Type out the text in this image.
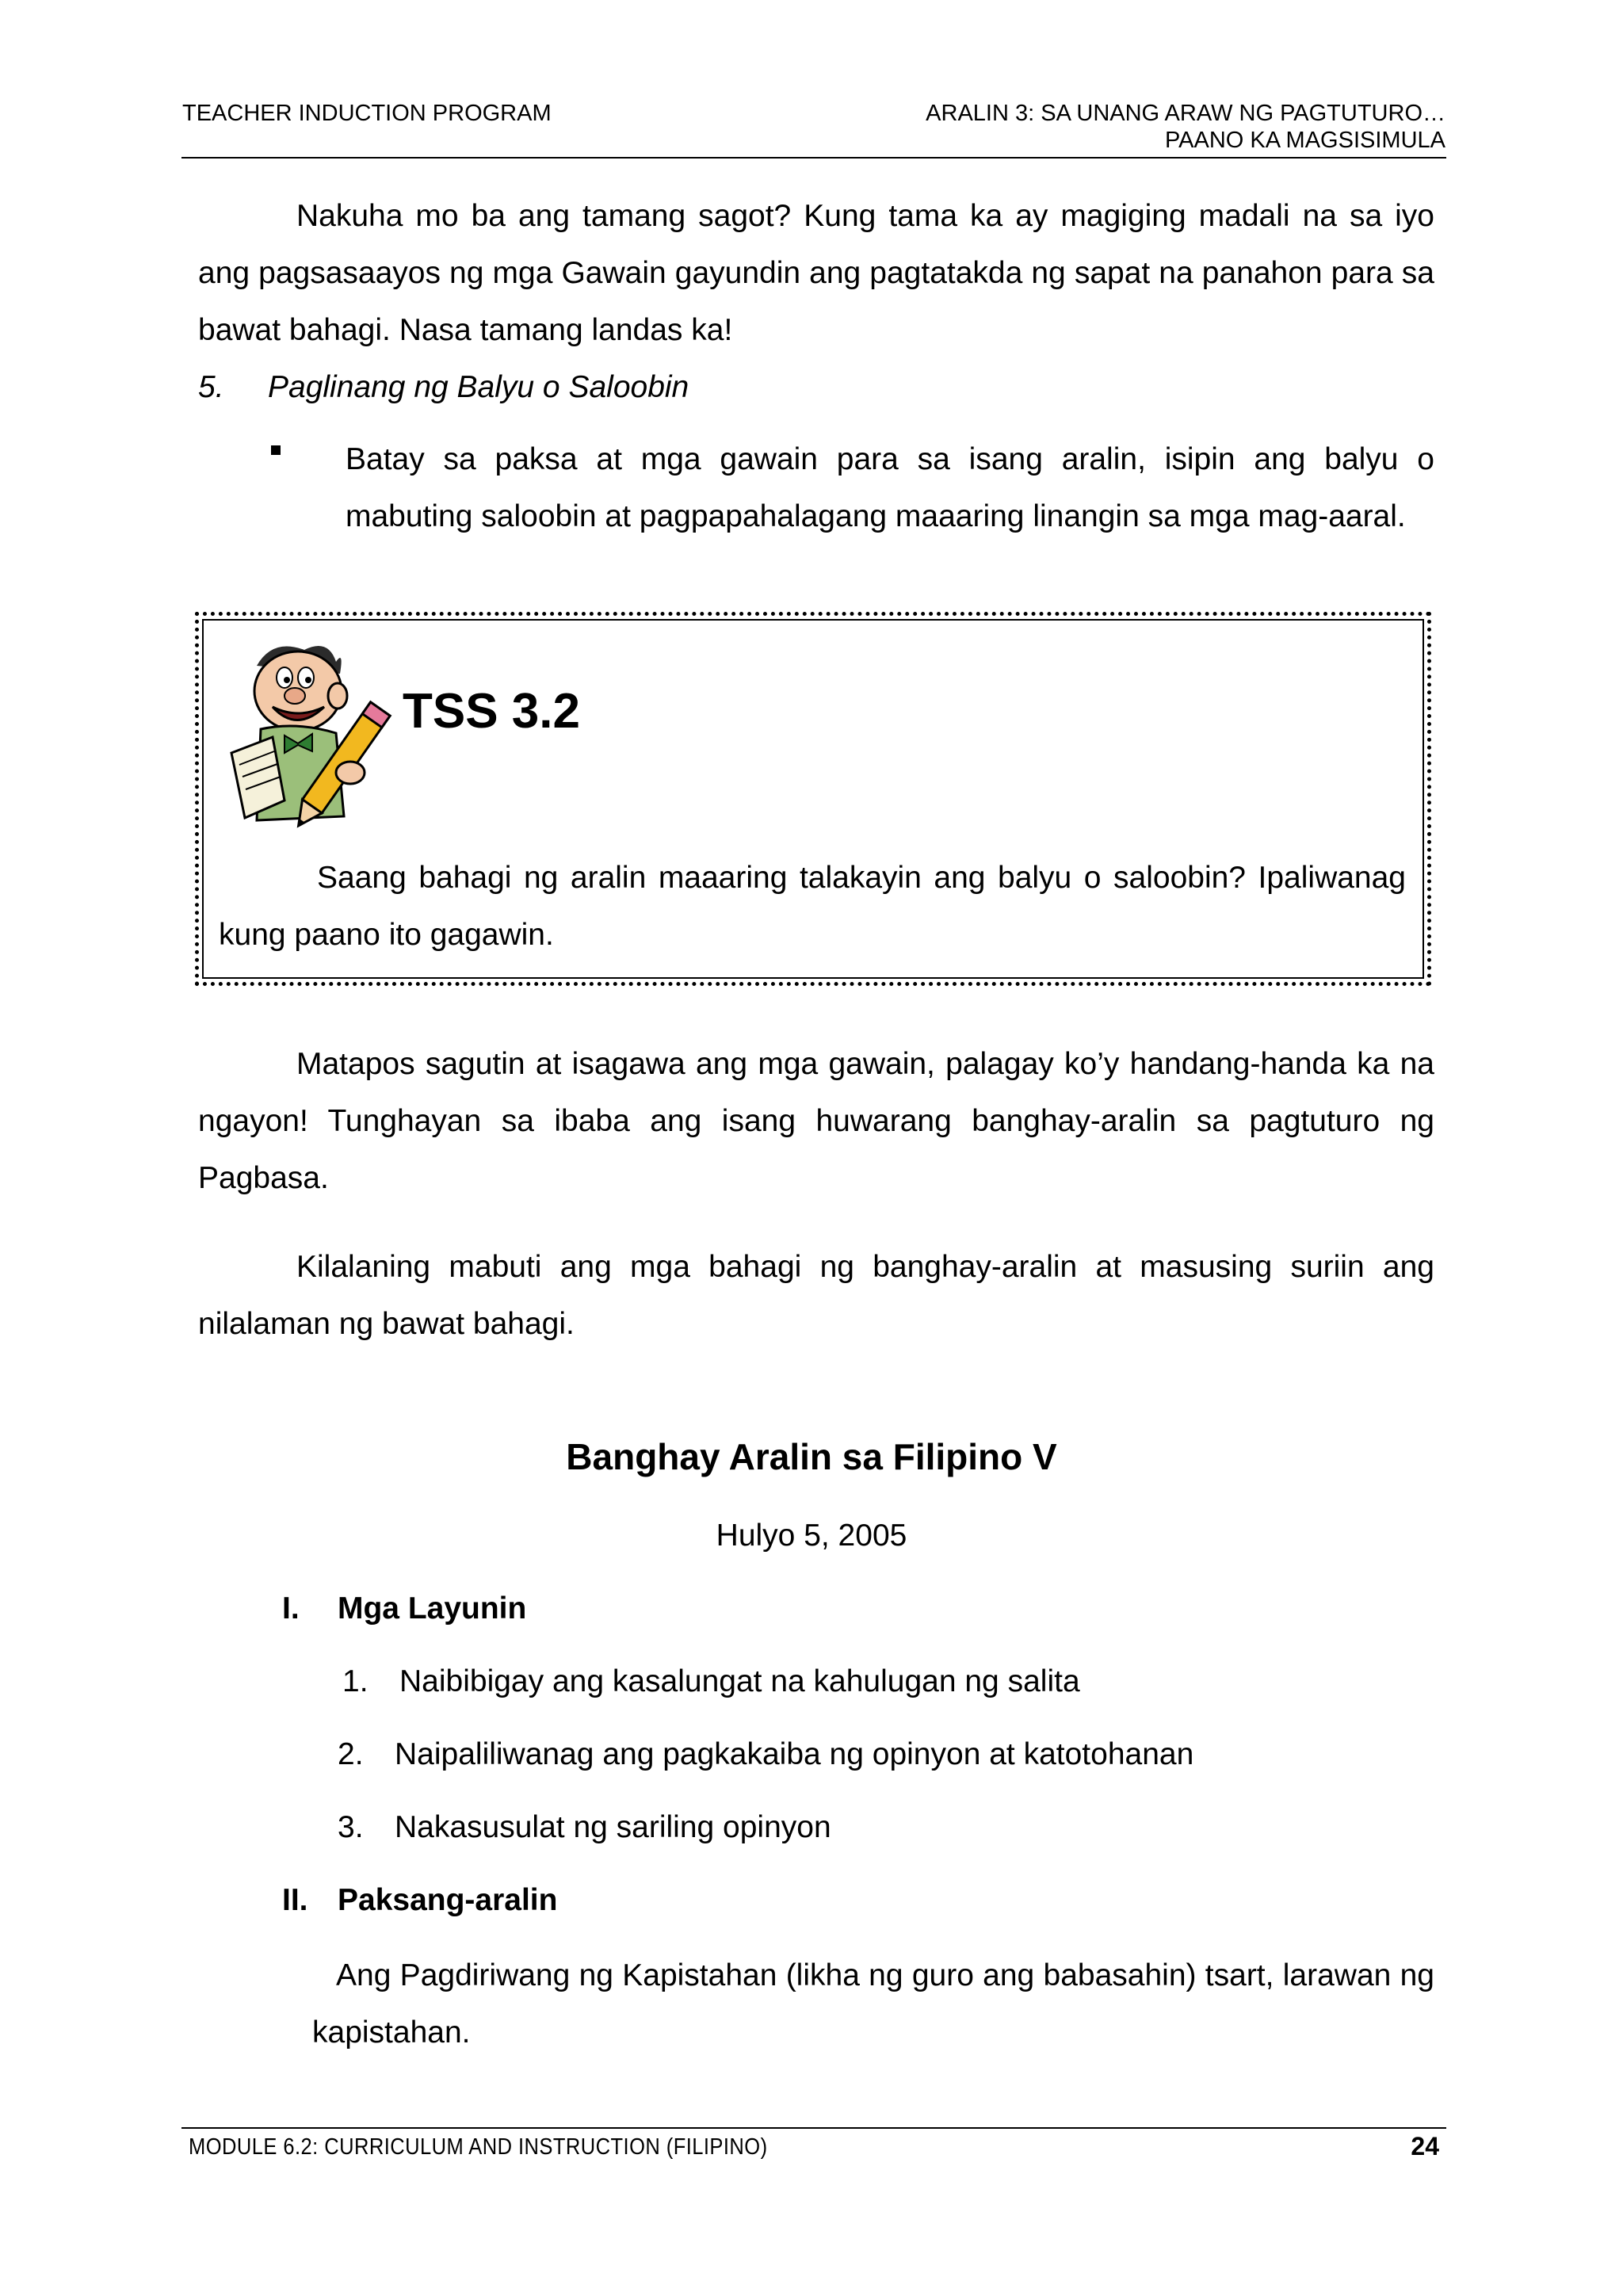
TEACHER INDUCTION PROGRAM	ARALIN 3: SA UNANG ARAW NG PAGTUTURO…
PAANO KA MAGSISIMULA
Nakuha mo ba ang tamang sagot? Kung tama ka ay magiging madali na sa iyo ang pagsasaayos ng mga Gawain gayundin ang pagtatakda ng sapat na panahon para sa bawat bahagi. Nasa tamang landas ka!
5. Paglinang ng Balyu o Saloobin
Batay sa paksa at mga gawain para sa isang aralin, isipin ang balyu o mabuting saloobin at pagpapahalagang maaaring linangin sa mga mag-aaral.
TSS 3.2
Saang bahagi ng aralin maaaring talakayin ang balyu o saloobin? Ipaliwanag kung paano ito gagawin.
Matapos sagutin at isagawa ang mga gawain, palagay ko’y handang-handa ka na ngayon! Tunghayan sa ibaba ang isang huwarang banghay-aralin sa pagtuturo ng Pagbasa.
Kilalaning mabuti ang mga bahagi ng banghay-aralin at masusing suriin ang nilalaman ng bawat bahagi.
Banghay Aralin sa Filipino V
Hulyo 5, 2005
I. Mga Layunin
1. Naibibigay ang kasalungat na kahulugan ng salita
2. Naipaliliwanag ang pagkakaiba ng opinyon at katotohanan
3. Nakasusulat ng sariling opinyon
II. Paksang-aralin
Ang Pagdiriwang ng Kapistahan (likha ng guro ang babasahin) tsart, larawan ng kapistahan.
MODULE 6.2: CURRICULUM AND INSTRUCTION (FILIPINO)	24
